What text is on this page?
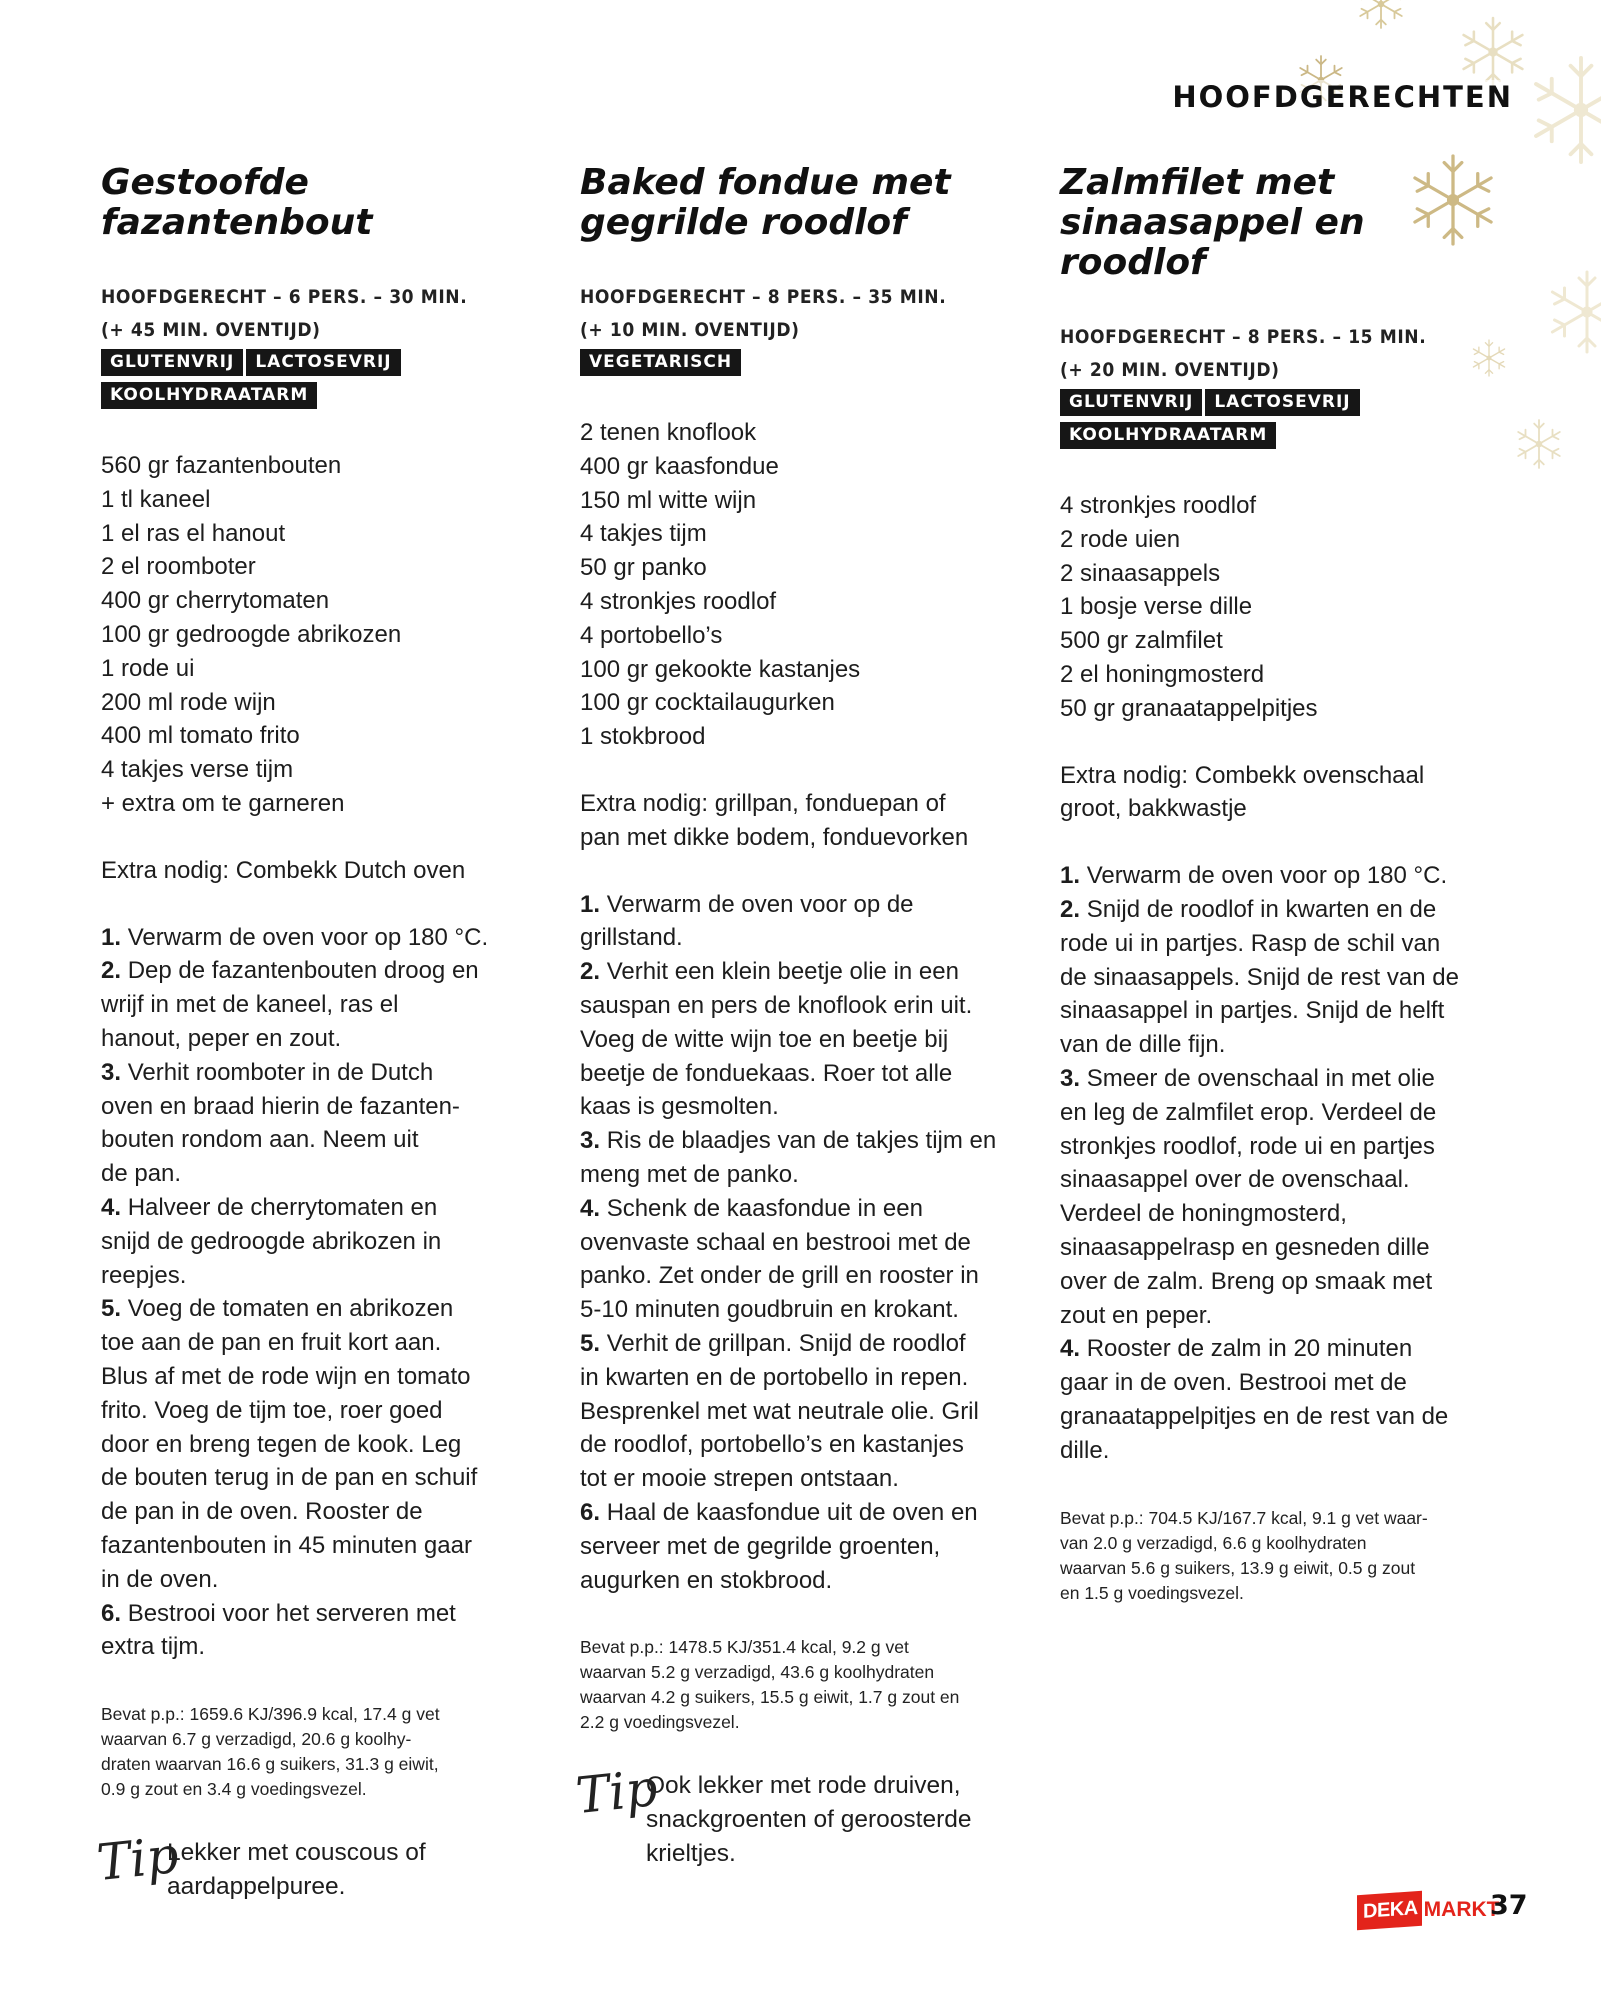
HOOFDGERECHTEN
Gestoofde
fazantenbout
HOOFDGERECHT – 6 PERS. – 30 MIN.
(+ 45 MIN. OVENTIJD)
GLUTENVRIJ LACTOSEVRIJ
KOOLHYDRAATARM
560 gr fazantenbouten
1 tl kaneel
1 el ras el hanout
2 el roomboter
400 gr cherrytomaten
100 gr gedroogde abrikozen
1 rode ui
200 ml rode wijn
400 ml tomato frito
4 takjes verse tijm
+ extra om te garneren
Extra nodig: Combekk Dutch oven
1. Verwarm de oven voor op 180 °C.
2. Dep de fazantenbouten droog en
wrijf in met de kaneel, ras el
hanout, peper en zout.
3. Verhit roomboter in de Dutch
oven en braad hierin de fazanten-
bouten rondom aan. Neem uit
de pan.
4. Halveer de cherrytomaten en
snijd de gedroogde abrikozen in
reepjes.
5. Voeg de tomaten en abrikozen
toe aan de pan en fruit kort aan.
Blus af met de rode wijn en tomato
frito. Voeg de tijm toe, roer goed
door en breng tegen de kook. Leg
de bouten terug in de pan en schuif
de pan in de oven. Rooster de
fazantenbouten in 45 minuten gaar
in de oven.
6. Bestrooi voor het serveren met
extra tijm.
Bevat p.p.: 1659.6 KJ/396.9 kcal, 17.4 g vet
waarvan 6.7 g verzadigd, 20.6 g koolhy-
draten waarvan 16.6 g suikers, 31.3 g eiwit,
0.9 g zout en 3.4 g voedingsvezel.
Tip
Lekker met couscous of
aardappelpuree.
Baked fondue met
gegrilde roodlof
HOOFDGERECHT – 8 PERS. – 35 MIN.
(+ 10 MIN. OVENTIJD)
VEGETARISCH
2 tenen knoflook
400 gr kaasfondue
150 ml witte wijn
4 takjes tijm
50 gr panko
4 stronkjes roodlof
4 portobello’s
100 gr gekookte kastanjes
100 gr cocktailaugurken
1 stokbrood
Extra nodig: grillpan, fonduepan of
pan met dikke bodem, fonduevorken
1. Verwarm de oven voor op de
grillstand.
2. Verhit een klein beetje olie in een
sauspan en pers de knoflook erin uit.
Voeg de witte wijn toe en beetje bij
beetje de fonduekaas. Roer tot alle
kaas is gesmolten.
3. Ris de blaadjes van de takjes tijm en
meng met de panko.
4. Schenk de kaasfondue in een
ovenvaste schaal en bestrooi met de
panko. Zet onder de grill en rooster in
5-10 minuten goudbruin en krokant.
5. Verhit de grillpan. Snijd de roodlof
in kwarten en de portobello in repen.
Besprenkel met wat neutrale olie. Gril
de roodlof, portobello’s en kastanjes
tot er mooie strepen ontstaan.
6. Haal de kaasfondue uit de oven en
serveer met de gegrilde groenten,
augurken en stokbrood.
Bevat p.p.: 1478.5 KJ/351.4 kcal, 9.2 g vet
waarvan 5.2 g verzadigd, 43.6 g koolhydraten
waarvan 4.2 g suikers, 15.5 g eiwit, 1.7 g zout en
2.2 g voedingsvezel.
Tip
Ook lekker met rode druiven,
snackgroenten of geroosterde
krieltjes.
Zalmfilet met
sinaasappel en
roodlof
HOOFDGERECHT – 8 PERS. – 15 MIN.
(+ 20 MIN. OVENTIJD)
GLUTENVRIJ LACTOSEVRIJ
KOOLHYDRAATARM
4 stronkjes roodlof
2 rode uien
2 sinaasappels
1 bosje verse dille
500 gr zalmfilet
2 el honingmosterd
50 gr granaatappelpitjes
Extra nodig: Combekk ovenschaal
groot, bakkwastje
1. Verwarm de oven voor op 180 °C.
2. Snijd de roodlof in kwarten en de
rode ui in partjes. Rasp de schil van
de sinaasappels. Snijd de rest van de
sinaasappel in partjes. Snijd de helft
van de dille fijn.
3. Smeer de ovenschaal in met olie
en leg de zalmfilet erop. Verdeel de
stronkjes roodlof, rode ui en partjes
sinaasappel over de ovenschaal.
Verdeel de honingmosterd,
sinaasappelrasp en gesneden dille
over de zalm. Breng op smaak met
zout en peper.
4. Rooster de zalm in 20 minuten
gaar in de oven. Bestrooi met de
granaatappelpitjes en de rest van de
dille.
Bevat p.p.: 704.5 KJ/167.7 kcal, 9.1 g vet waar-
van 2.0 g verzadigd, 6.6 g koolhydraten
waarvan 5.6 g suikers, 13.9 g eiwit, 0.5 g zout
en 1.5 g voedingsvezel.
DEKA MARKT
37
